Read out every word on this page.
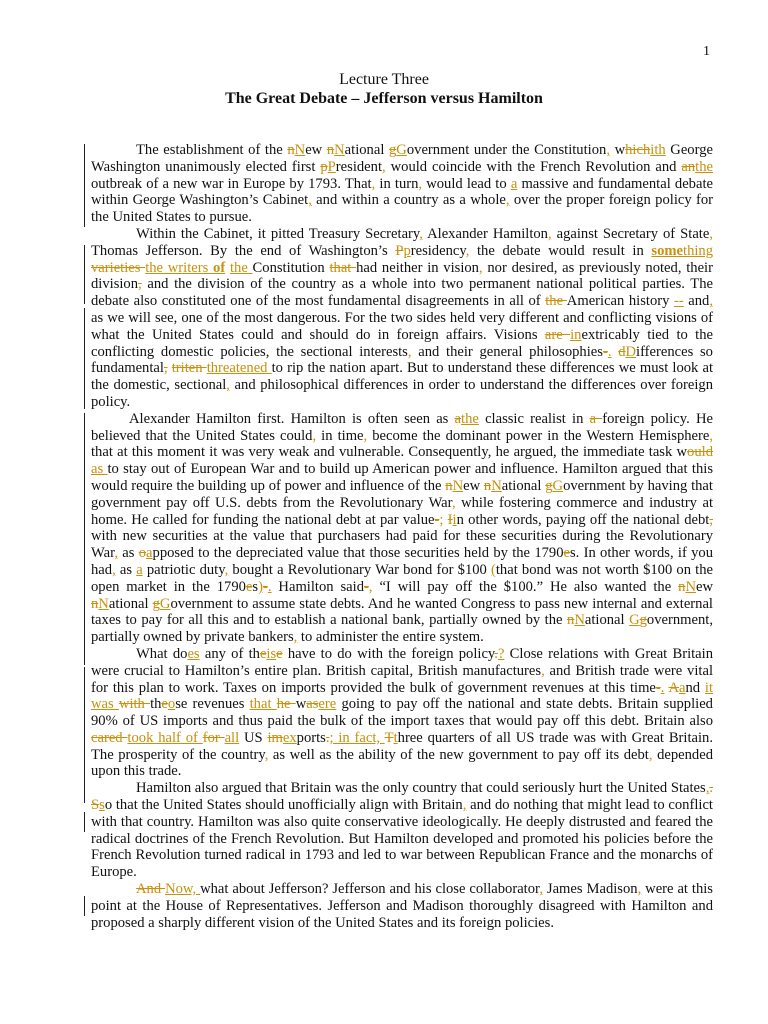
1
Lecture Three
The Great Debate – Jefferson versus Hamilton

The establishment of the nNew nNational gGovernment under the Constitution, whichith George Washington unanimously elected first pPresident, would coincide with the French Revolution and anthe outbreak of a new war in Europe by 1793. That, in turn, would lead to a massive and fundamental debate within George Washington’s Cabinet, and within a country as a whole, over the proper foreign policy for the United States to pursue.

Within the Cabinet, it pitted Treasury Secretary, Alexander Hamilton, against Secretary of State, Thomas Jefferson. By the end of Washington’s Ppresidency, the debate would result in something varieties the writers of the Constitution that had neither in vision, nor desired, as previously noted, their division, and the division of the country as a whole into two permanent national political parties. The debate also constituted one of the most fundamental disagreements in all of the American history -- and, as we will see, one of the most dangerous. For the two sides held very different and conflicting visions of what the United States could and should do in foreign affairs. Visions are inextricably tied to the conflicting domestic policies, the sectional interests, and their general philosophies-. dDifferences so fundamental, triten threatened to rip the nation apart. But to understand these differences we must look at the domestic, sectional, and philosophical differences in order to understand the differences over foreign policy.

Alexander Hamilton first. Hamilton is often seen as athe classic realist in a foreign policy. He believed that the United States could, in time, become the dominant power in the Western Hemisphere, that at this moment it was very weak and vulnerable. Consequently, he argued, the immediate task would as to stay out of European War and to build up American power and influence. Hamilton argued that this would require the building up of power and influence of the nNew nNational gGovernment by having that government pay off U.S. debts from the Revolutionary War, while fostering commerce and industry at home. He called for funding the national debt at par value-; Iin other words, paying off the national debt, with new securities at the value that purchasers had paid for these securities during the Revolutionary War, as oapposed to the depreciated value that those securities held by the 1790es. In other words, if you had, as a patriotic duty, bought a Revolutionary War bond for $100 (that bond was not worth $100 on the open market in the 1790es)-. Hamilton said-, “I will pay off the $100.” He also wanted the nNew nNational gGovernment to assume state debts. And he wanted Congress to pass new internal and external taxes to pay for all this and to establish a national bank, partially owned by the nNational Ggovernment, partially owned by private bankers, to administer the entire system.

What does any of theise have to do with the foreign policy.? Close relations with Great Britain were crucial to Hamilton’s entire plan. British capital, British manufactures, and British trade were vital for this plan to work. Taxes on imports provided the bulk of government revenues at this time-. Aand it was with theose revenues that he wasere going to pay off the national and state debts. Britain supplied 90% of US imports and thus paid the bulk of the import taxes that would pay off this debt. Britain also cared took half of for all US imexports.; in fact, Tthree quarters of all US trade was with Great Britain. The prosperity of the country, as well as the ability of the new government to pay off its debt, depended upon this trade.

Hamilton also argued that Britain was the only country that could seriously hurt the United States,. Sso that the United States should unofficially align with Britain, and do nothing that might lead to conflict with that country. Hamilton was also quite conservative ideologically. He deeply distrusted and feared the radical doctrines of the French Revolution. But Hamilton developed and promoted his policies before the French Revolution turned radical in 1793 and led to war between Republican France and the monarchs of Europe.

And Now, what about Jefferson? Jefferson and his close collaborator, James Madison, were at this point at the House of Representatives. Jefferson and Madison thoroughly disagreed with Hamilton and proposed a sharply different vision of the United States and its foreign policies.
